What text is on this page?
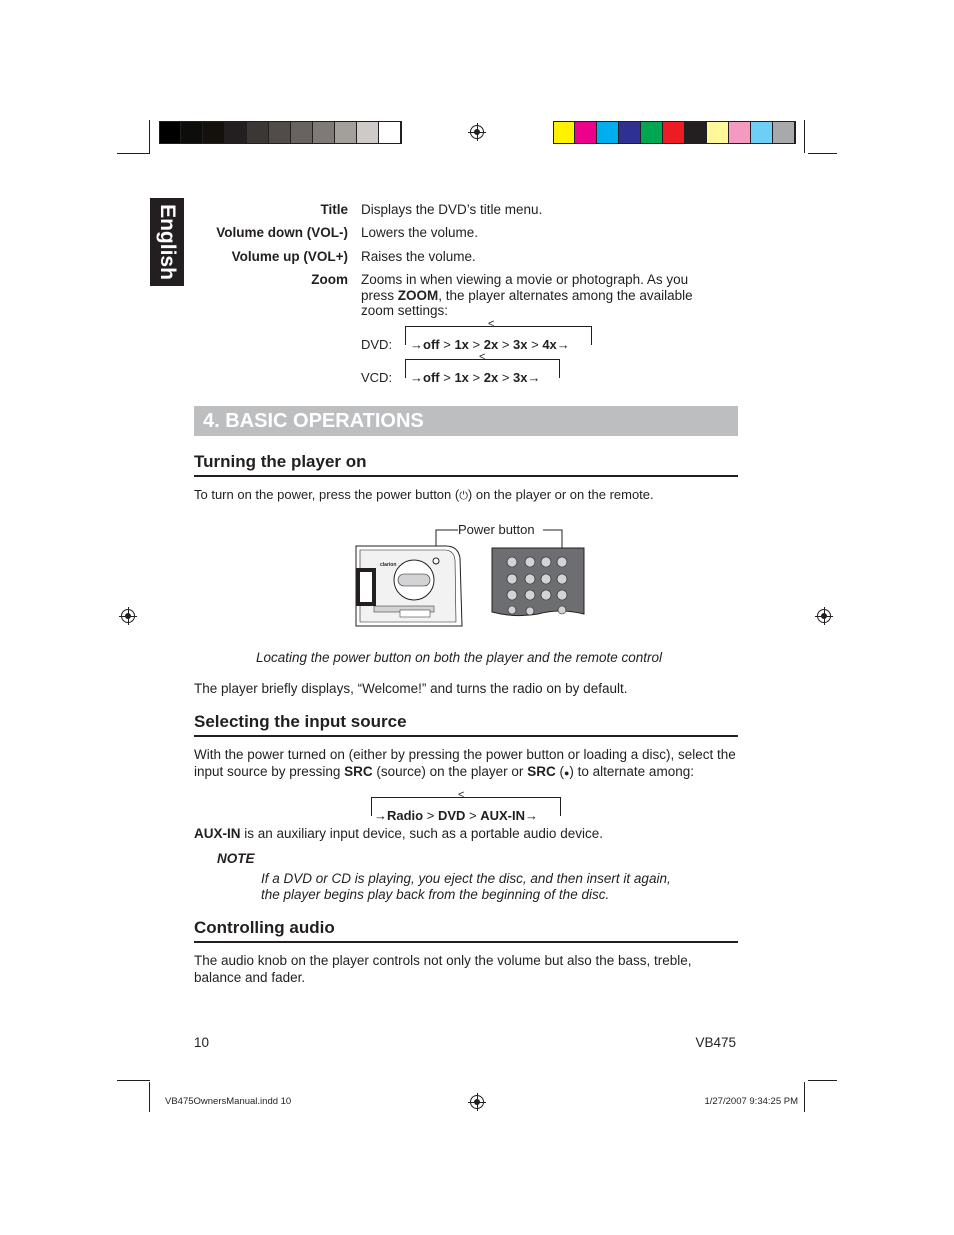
English	Title Displays the DVD’s title menu.
Volume down (VOL-) Lowers the volume.
Volume up (VOL+) Raises the volume.
Zoom Zooms in when viewing a movie or photograph. As you press ZOOM, the player alternates among the available zoom settings:
DVD: →off > 1x > 2x > 3x > 4x→
<
VCD: →off > 1x > 2x > 3x→
<
4. BASIC OPERATIONS
Turning the player on
To turn on the power, press the power button (⏻) on the player or on the remote.
clarion
Power button
Locating the power button on both the player and the remote control
The player briefly displays, “Welcome!” and turns the radio on by default.
Selecting the input source
With the power turned on (either by pressing the power button or loading a disc), select the input source by pressing SRC (source) on the player or SRC (●) to alternate among:
→Radio > DVD > AUX-IN→
<
AUX-IN is an auxiliary input device, such as a portable audio device.
NOTE
If a DVD or CD is playing, you eject the disc, and then insert it again, the player begins play back from the beginning of the disc.
Controlling audio
The audio knob on the player controls not only the volume but also the bass, treble, balance and fader.
10	VB475
VB475OwnersManual.indd 10	1/27/2007 9:34:25 PM
